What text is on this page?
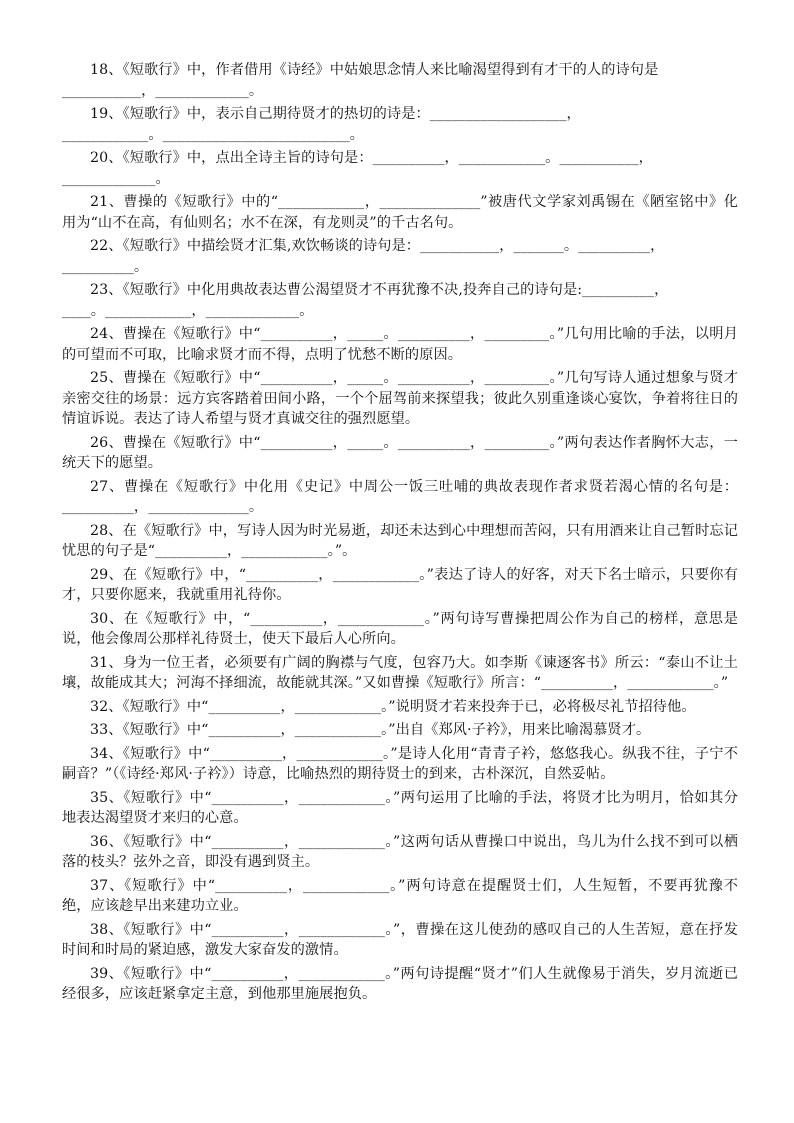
18、《短歌行》中，作者借用《诗经》中姑娘思念情人来比喻渴望得到有才干的人的诗句是
___________，_____________。

19、《短歌行》中，表示自己期待贤才的热切的诗是：___________________，
____________。__________________________。

20、《短歌行》中，点出全诗主旨的诗句是：__________，____________。___________，
_____________。

21、曹操的《短歌行》中的“____________，______________”被唐代文学家刘禹锡在《陋室铭中》化用为“山不在高，有仙则名；水不在深，有龙则灵”的千古名句。

22、《短歌行》中描绘贤才汇集,欢饮畅谈的诗句是：___________，_______。__________，
__________。

23、《短歌行》中化用典故表达曹公渴望贤才不再犹豫不决,投奔自己的诗句是:__________，
____。____________，_____________。

24、曹操在《短歌行》中“__________，_____。__________，_________。”几句用比喻的手法，以明月的可望而不可取，比喻求贤才而不得，点明了忧愁不断的原因。

25、曹操在《短歌行》中“__________，_____。__________，_________。”几句写诗人通过想象与贤才亲密交往的场景：远方宾客踏着田间小路，一个个屈驾前来探望我；彼此久别重逢谈心宴饮，争着将往日的情谊诉说。表达了诗人希望与贤才真诚交往的强烈愿望。

26、曹操在《短歌行》中“__________，_____。__________，_________。”两句表达作者胸怀大志，一统天下的愿望。

27、曹操在《短歌行》中化用《史记》中周公一饭三吐哺的典故表现作者求贤若渴心情的名句是：__________，______________。

28、在《短歌行》中，写诗人因为时光易逝，却还未达到心中理想而苦闷，只有用酒来让自己暂时忘记忧思的句子是“__________，____________。”。

29、在《短歌行》中，“__________，____________。”表达了诗人的好客，对天下名士暗示，只要你有才，只要你愿来，我就重用礼待你。

30、在《短歌行》中，“__________，____________。”两句诗写曹操把周公作为自己的榜样，意思是说，他会像周公那样礼待贤士，使天下最后人心所向。

31、身为一位王者，必须要有广阔的胸襟与气度，包容乃大。如李斯《谏逐客书》所云：“泰山不让土壤，故能成其大；河海不择细流，故能就其深。”又如曹操《短歌行》所言：“__________，____________。”

32、《短歌行》中“__________，____________。”说明贤才若来投奔于已，必将极尽礼节招待他。

33、《短歌行》中“__________，____________。”出自《郑风·子衿》，用来比喻渴慕贤才。

34、《短歌行》中“__________，____________。”是诗人化用“青青子衿，悠悠我心。纵我不往，子宁不嗣音？”（《诗经·郑风·子衿》）诗意，比喻热烈的期待贤士的到来，古朴深沉，自然妥帖。

35、《短歌行》中“__________，____________。”两句运用了比喻的手法，将贤才比为明月，恰如其分地表达渴望贤才来归的心意。

36、《短歌行》中“__________，____________。”这两句话从曹操口中说出，鸟儿为什么找不到可以栖落的枝头？弦外之音，即没有遇到贤主。

37、《短歌行》中“__________，____________。”两句诗意在提醒贤士们，人生短暂，不要再犹豫不绝，应该趁早出来建功立业。

38、《短歌行》中“__________，____________。”，曹操在这儿使劲的感叹自己的人生苦短，意在抒发时间和时局的紧迫感，激发大家奋发的激情。

39、《短歌行》中“__________，____________。”两句诗提醒“贤才”们人生就像易于消失，岁月流逝已经很多，应该赶紧拿定主意，到他那里施展抱负。
